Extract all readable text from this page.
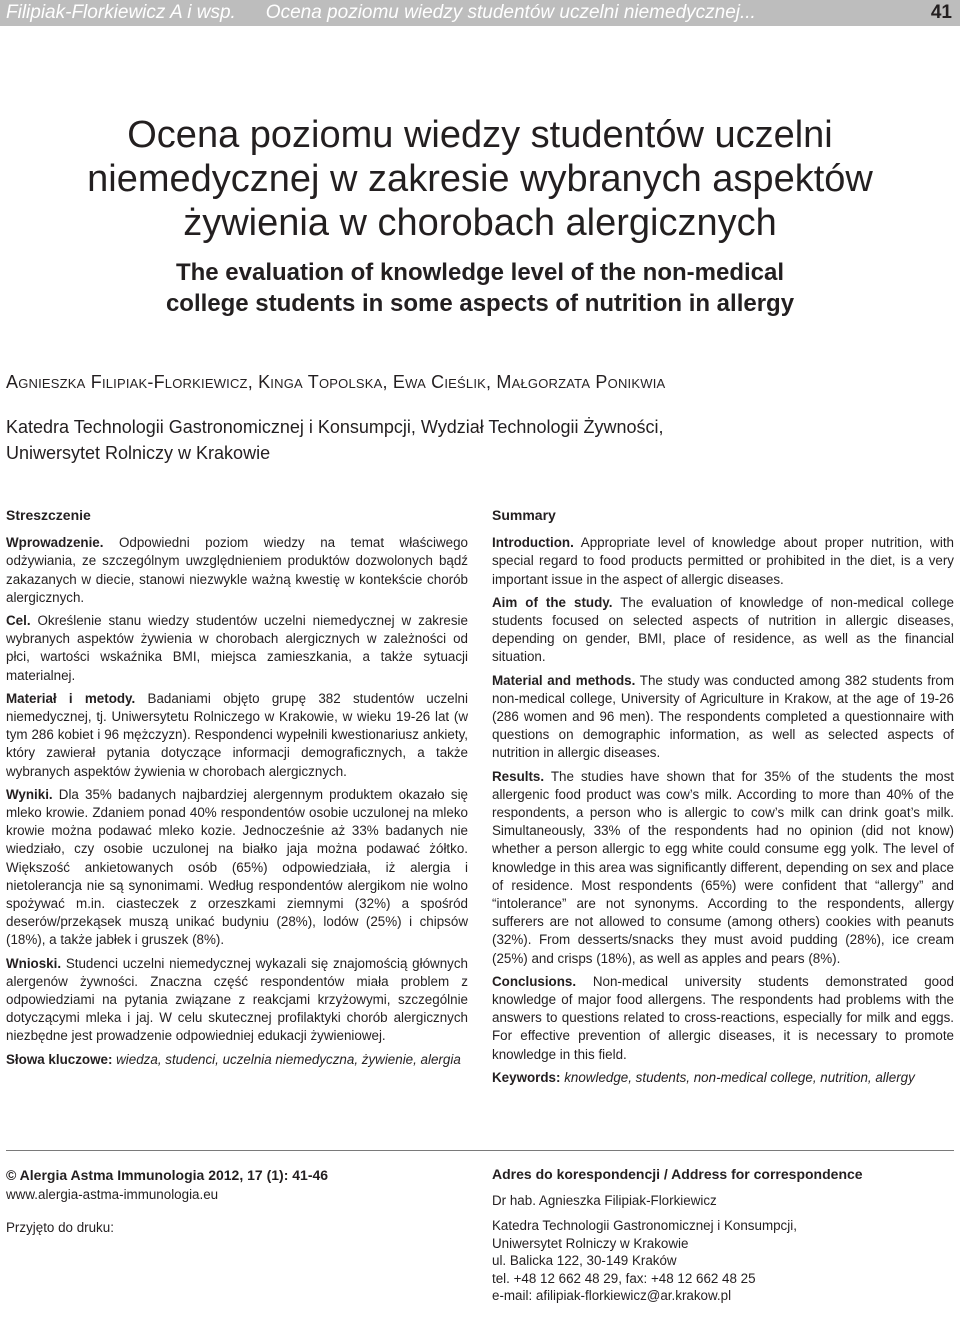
Filipiak-Florkiewicz A i wsp. Ocena poziomu wiedzy studentów uczelni niemedycznej...	41
Ocena poziomu wiedzy studentów uczelni
niemedycznej w zakresie wybranych aspektów
żywienia w chorobach alergicznych
The evaluation of knowledge level of the non-medical
college students in some aspects of nutrition in allergy
Agnieszka Filipiak-Florkiewicz, Kinga Topolska, Ewa Cieślik, Małgorzata Ponikwia
Katedra Technologii Gastronomicznej i Konsumpcji, Wydział Technologii Żywności,
Uniwersytet Rolniczy w Krakowie
Streszczenie

Wprowadzenie. Odpowiedni poziom wiedzy na temat właściwego odżywiania, ze szczególnym uwzględnieniem produktów dozwolonych bądź zakazanych w diecie, stanowi niezwykle ważną kwestię w kontekście chorób alergicznych.

Cel. Określenie stanu wiedzy studentów uczelni niemedycznej w zakresie wybranych aspektów żywienia w chorobach alergicznych w zależności od płci, wartości wskaźnika BMI, miejsca zamieszkania, a także sytuacji materialnej.

Materiał i metody. Badaniami objęto grupę 382 studentów uczelni niemedycznej, tj. Uniwersytetu Rolniczego w Krakowie, w wieku 19-26 lat (w tym 286 kobiet i 96 mężczyzn). Respondenci wypełnili kwestionariusz ankiety, który zawierał pytania dotyczące informacji demograficznych, a także wybranych aspektów żywienia w chorobach alergicznych.

Wyniki. Dla 35% badanych najbardziej alergennym produktem okazało się mleko krowie. Zdaniem ponad 40% respondentów osobie uczulonej na mleko krowie można podawać mleko kozie. Jednocześnie aż 33% badanych nie wiedziało, czy osobie uczulonej na białko jaja można podawać żółtko. Większość ankietowanych osób (65%) odpowiedziała, iż alergia i nietolerancja nie są synonimami. Według respondentów alergikom nie wolno spożywać m.in. ciasteczek z orzeszkami ziemnymi (32%) a spośród deserów/przekąsek muszą unikać budyniu (28%), lodów (25%) i chipsów (18%), a także jabłek i gruszek (8%).

Wnioski. Studenci uczelni niemedycznej wykazali się znajomością głównych alergenów żywności. Znaczna część respondentów miała problem z odpowiedziami na pytania związane z reakcjami krzyżowymi, szczególnie dotyczącymi mleka i jaj. W celu skutecznej profilaktyki chorób alergicznych niezbędne jest prowadzenie odpowiedniej edukacji żywieniowej.

Słowa kluczowe: wiedza, studenci, uczelnia niemedyczna, żywienie, alergia

Summary

Introduction. Appropriate level of knowledge about proper nutrition, with special regard to food products permitted or prohibited in the diet, is a very important issue in the aspect of allergic diseases.

Aim of the study. The evaluation of knowledge of non-medical college students focused on selected aspects of nutrition in allergic diseases, depending on gender, BMI, place of residence, as well as the financial situation.

Material and methods. The study was conducted among 382 students from non-medical college, University of Agriculture in Krakow, at the age of 19-26 (286 women and 96 men). The respondents completed a questionnaire with questions on demographic information, as well as selected aspects of nutrition in allergic diseases.

Results. The studies have shown that for 35% of the students the most allergenic food product was cow’s milk. According to more than 40% of the respondents, a person who is allergic to cow’s milk can drink goat’s milk. Simultaneously, 33% of the respondents had no opinion (did not know) whether a person allergic to egg white could consume egg yolk. The level of knowledge in this area was significantly different, depending on sex and place of residence. Most respondents (65%) were confident that “allergy” and “intolerance” are not synonyms. According to the respondents, allergy sufferers are not allowed to consume (among others) cookies with peanuts (32%). From desserts/snacks they must avoid pudding (28%), ice cream (25%) and crisps (18%), as well as apples and pears (8%).

Conclusions. Non-medical university students demonstrated good knowledge of major food allergens. The respondents had problems with the answers to questions related to cross-reactions, especially for milk and eggs. For effective prevention of allergic diseases, it is necessary to promote knowledge in this field.

Keywords: knowledge, students, non-medical college, nutrition, allergy

© Alergia Astma Immunologia 2012, 17 (1): 41-46
www.alergia-astma-immunologia.eu
Przyjęto do druku:
Adres do korespondencji / Address for correspondence
Dr hab. Agnieszka Filipiak-Florkiewicz
Katedra Technologii Gastronomicznej i Konsumpcji,
Uniwersytet Rolniczy w Krakowie
ul. Balicka 122, 30-149 Kraków
tel. +48 12 662 48 29, fax: +48 12 662 48 25
e-mail: afilipiak-florkiewicz@ar.krakow.pl
